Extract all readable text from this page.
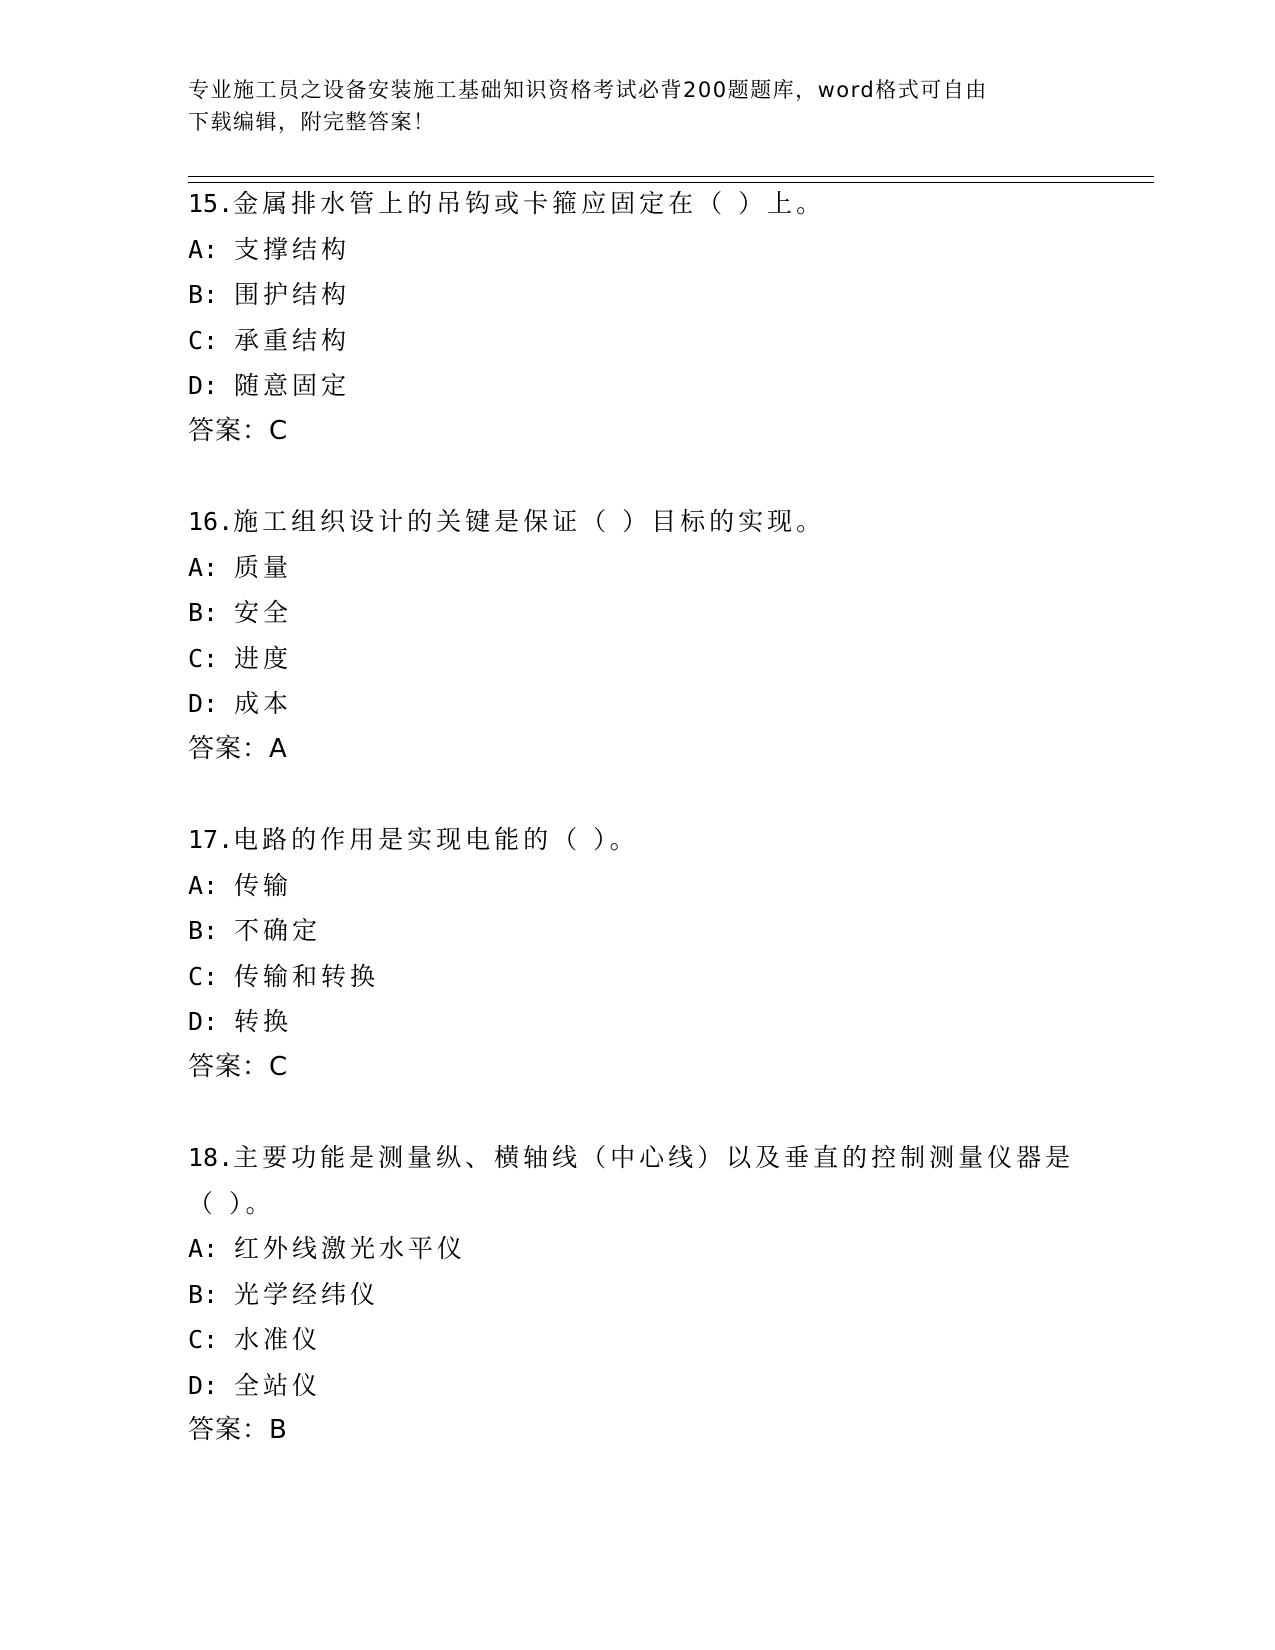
专业施工员之设备安装施工基础知识资格考试必背200题题库，word格式可自由
下载编辑，附完整答案！

15.金属排水管上的吊钩或卡箍应固定在（ ）上。

A: 支撑结构

B: 围护结构

C: 承重结构

D: 随意固定

答案：C

16.施工组织设计的关键是保证（ ）目标的实现。

A: 质量

B: 安全

C: 进度

D: 成本

答案：A

17.电路的作用是实现电能的（ ）。

A: 传输

B: 不确定

C: 传输和转换

D: 转换

答案：C

18.主要功能是测量纵、横轴线（中心线）以及垂直的控制测量仪器是

（ ）。

A: 红外线激光水平仪

B: 光学经纬仪

C: 水准仪

D: 全站仪

答案：B
